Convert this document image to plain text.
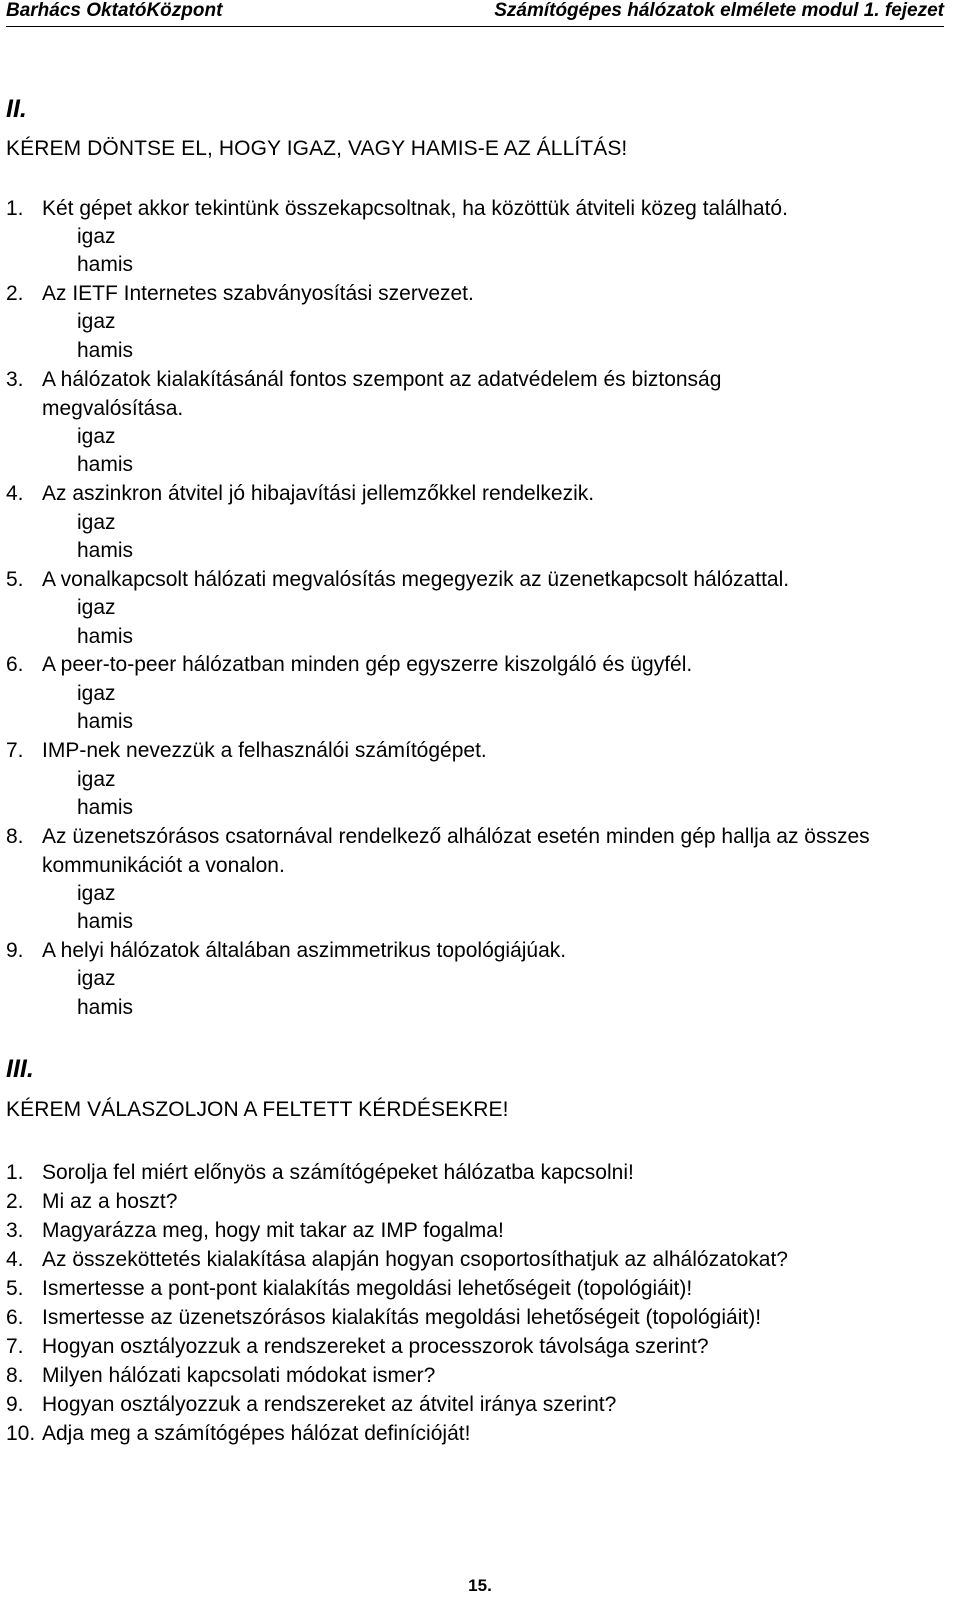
Barhács OktatóKözpont	Számítógépes hálózatok elmélete modul 1. fejezet
II.
KÉREM DÖNTSE EL, HOGY IGAZ, VAGY HAMIS-E AZ ÁLLÍTÁS!
1. Két gépet akkor tekintünk összekapcsoltnak, ha közöttük átviteli közeg található.
igaz
hamis
2. Az IETF Internetes szabványosítási szervezet.
igaz
hamis
3. A hálózatok kialakításánál fontos szempont az adatvédelem és biztonság megvalósítása.
igaz
hamis
4. Az aszinkron átvitel jó hibajavítási jellemzőkkel rendelkezik.
igaz
hamis
5. A vonalkapcsolt hálózati megvalósítás megegyezik az üzenetkapcsolt hálózattal.
igaz
hamis
6. A peer-to-peer hálózatban minden gép egyszerre kiszolgáló és ügyfél.
igaz
hamis
7. IMP-nek nevezzük a felhasználói számítógépet.
igaz
hamis
8. Az üzenetszórásos csatornával rendelkező alhálózat esetén minden gép hallja az összes kommunikációt a vonalon.
igaz
hamis
9. A helyi hálózatok általában aszimmetrikus topológiájúak.
igaz
hamis
III.
KÉREM VÁLASZOLJON A FELTETT KÉRDÉSEKRE!
1. Sorolja fel miért előnyös a számítógépeket hálózatba kapcsolni!
2. Mi az a hoszt?
3. Magyarázza meg, hogy mit takar az IMP fogalma!
4. Az összeköttetés kialakítása alapján hogyan csoportosíthatjuk az alhálózatokat?
5. Ismertesse a pont-pont kialakítás megoldási lehetőségeit (topológiáit)!
6. Ismertesse az üzenetszórásos kialakítás megoldási lehetőségeit (topológiáit)!
7. Hogyan osztályozzuk a rendszereket a processzorok távolsága szerint?
8. Milyen hálózati kapcsolati módokat ismer?
9. Hogyan osztályozzuk a rendszereket az átvitel iránya szerint?
10. Adja meg a számítógépes hálózat definícióját!
15.
